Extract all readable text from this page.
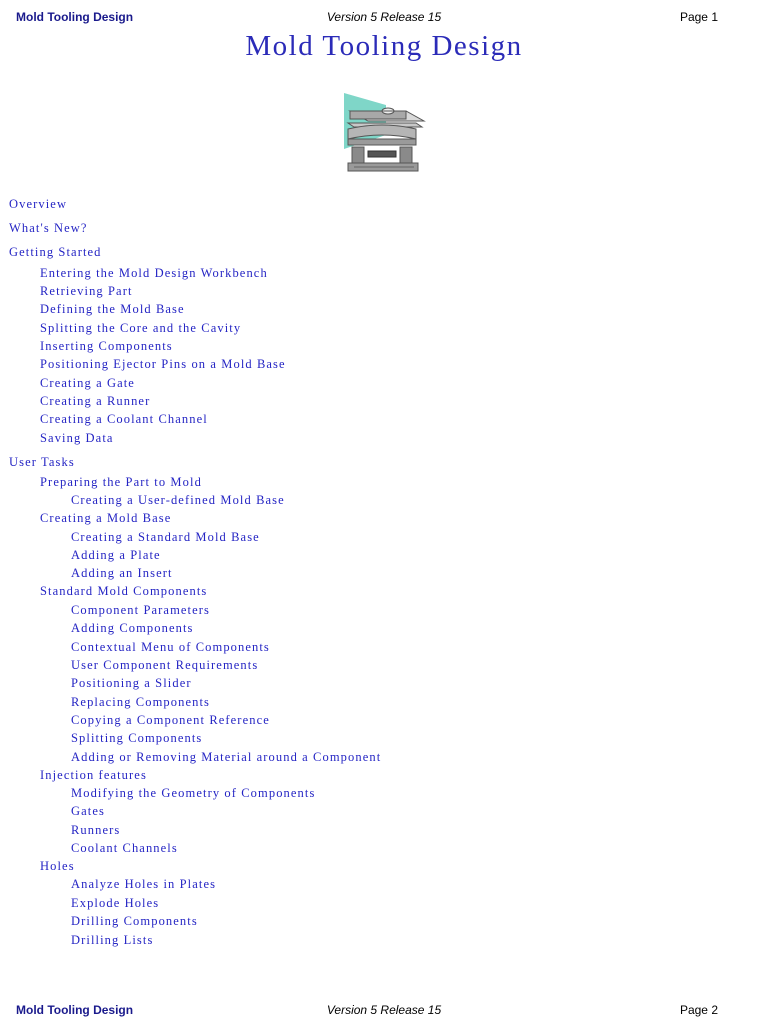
Mold Tooling Design	Version 5 Release 15	Page 1
Mold Tooling Design
Overview
What's New?
Getting Started
Entering the Mold Design Workbench
Retrieving Part
Defining the Mold Base
Splitting the Core and the Cavity
Inserting Components
Positioning Ejector Pins on a Mold Base
Creating a Gate
Creating a Runner
Creating a Coolant Channel
Saving Data
User Tasks
Preparing the Part to Mold
Creating a User-defined Mold Base
Creating a Mold Base
Creating a Standard Mold Base
Adding a Plate
Adding an Insert
Standard Mold Components
Component Parameters
Adding Components
Contextual Menu of Components
User Component Requirements
Positioning a Slider
Replacing Components
Copying a Component Reference
Splitting Components
Adding or Removing Material around a Component
Injection features
Modifying the Geometry of Components
Gates
Runners
Coolant Channels
Holes
Analyze Holes in Plates
Explode Holes
Drilling Components
Drilling Lists
Mold Tooling Design	Version 5 Release 15	Page 2
